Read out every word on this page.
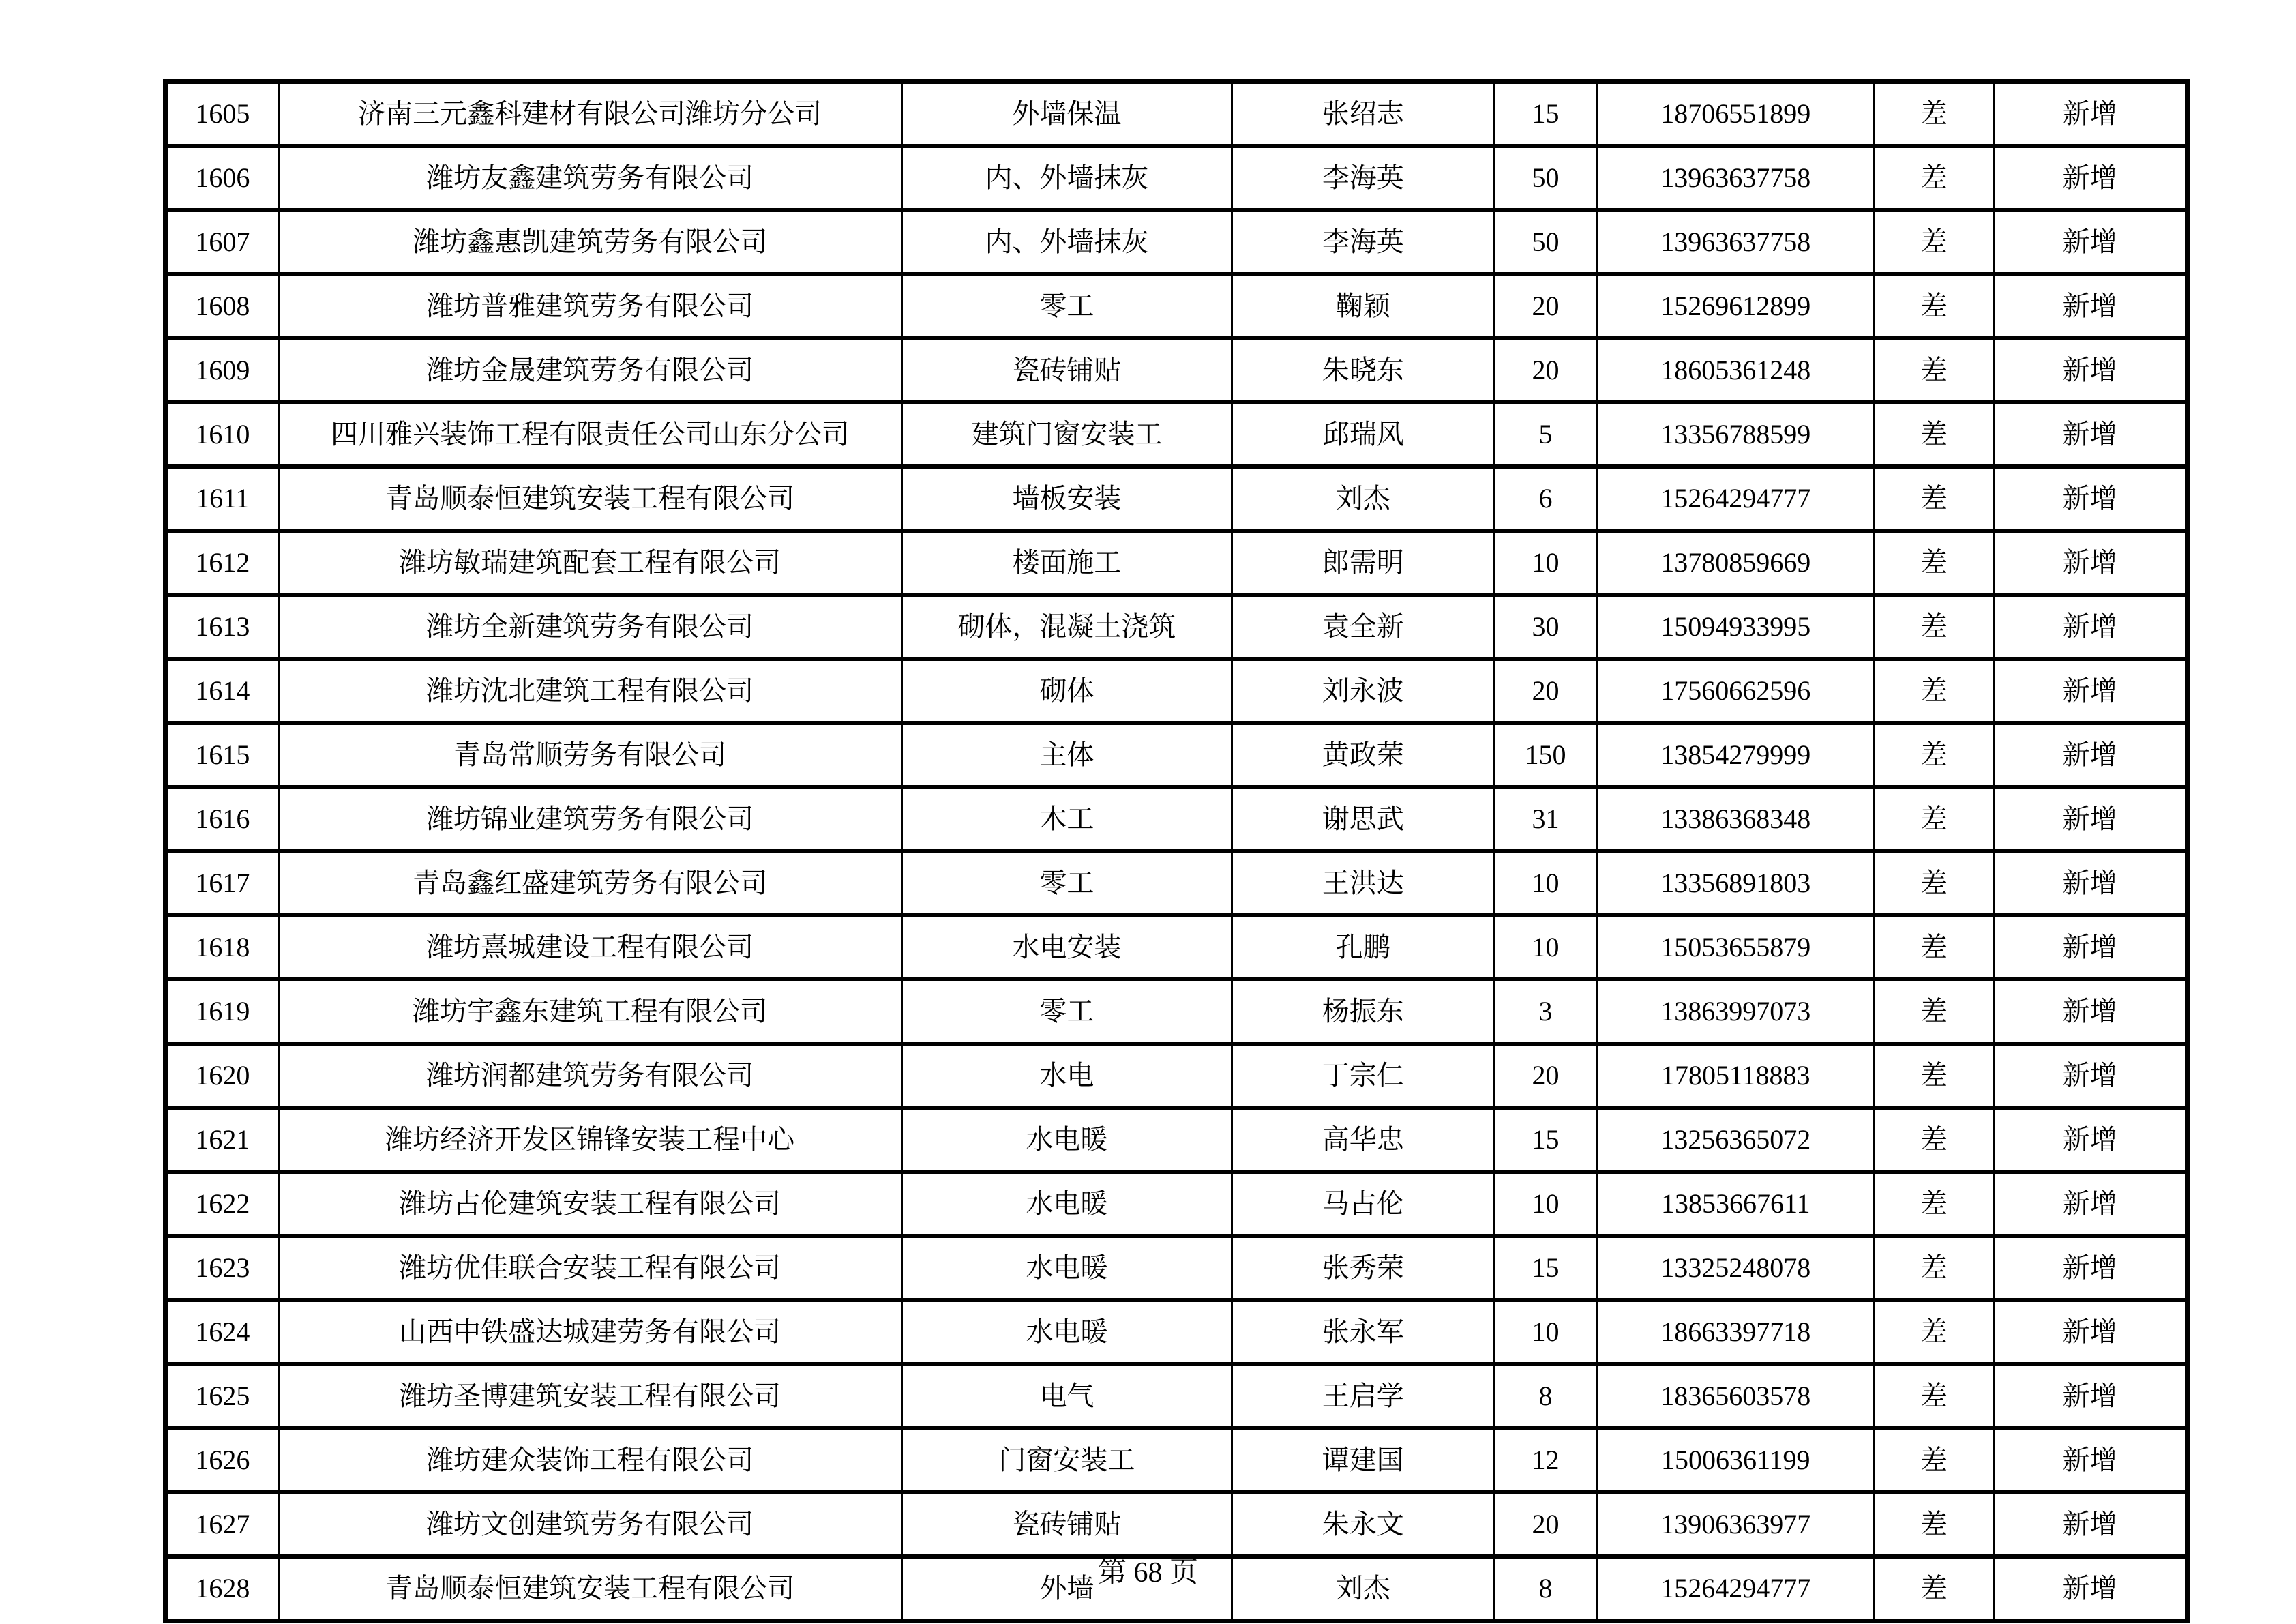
1605	济南三元鑫科建材有限公司潍坊分公司	外墙保温	张绍志	15	18706551899	差	新增
1606	潍坊友鑫建筑劳务有限公司	内、外墙抹灰	李海英	50	13963637758	差	新增
1607	潍坊鑫惠凯建筑劳务有限公司	内、外墙抹灰	李海英	50	13963637758	差	新增
1608	潍坊普雅建筑劳务有限公司	零工	鞠颖	20	15269612899	差	新增
1609	潍坊金晟建筑劳务有限公司	瓷砖铺贴	朱晓东	20	18605361248	差	新增
1610	四川雅兴装饰工程有限责任公司山东分公司	建筑门窗安装工	邱瑞风	5	13356788599	差	新增
1611	青岛顺泰恒建筑安装工程有限公司	墙板安装	刘杰	6	15264294777	差	新增
1612	潍坊敏瑞建筑配套工程有限公司	楼面施工	郎需明	10	13780859669	差	新增
1613	潍坊全新建筑劳务有限公司	砌体，混凝土浇筑	袁全新	30	15094933995	差	新增
1614	潍坊沈北建筑工程有限公司	砌体	刘永波	20	17560662596	差	新增
1615	青岛常顺劳务有限公司	主体	黄政荣	150	13854279999	差	新增
1616	潍坊锦业建筑劳务有限公司	木工	谢思武	31	13386368348	差	新增
1617	青岛鑫红盛建筑劳务有限公司	零工	王洪达	10	13356891803	差	新增
1618	潍坊熹城建设工程有限公司	水电安装	孔鹏	10	15053655879	差	新增
1619	潍坊宇鑫东建筑工程有限公司	零工	杨振东	3	13863997073	差	新增
1620	潍坊润都建筑劳务有限公司	水电	丁宗仁	20	17805118883	差	新增
1621	潍坊经济开发区锦锋安装工程中心	水电暖	高华忠	15	13256365072	差	新增
1622	潍坊占伦建筑安装工程有限公司	水电暖	马占伦	10	13853667611	差	新增
1623	潍坊优佳联合安装工程有限公司	水电暖	张秀荣	15	13325248078	差	新增
1624	山西中铁盛达城建劳务有限公司	水电暖	张永军	10	18663397718	差	新增
1625	潍坊圣博建筑安装工程有限公司	电气	王启学	8	18365603578	差	新增
1626	潍坊建众装饰工程有限公司	门窗安装工	谭建国	12	15006361199	差	新增
1627	潍坊文创建筑劳务有限公司	瓷砖铺贴	朱永文	20	13906363977	差	新增
1628	青岛顺泰恒建筑安装工程有限公司	外墙	刘杰	8	15264294777	差	新增
第 68 页
